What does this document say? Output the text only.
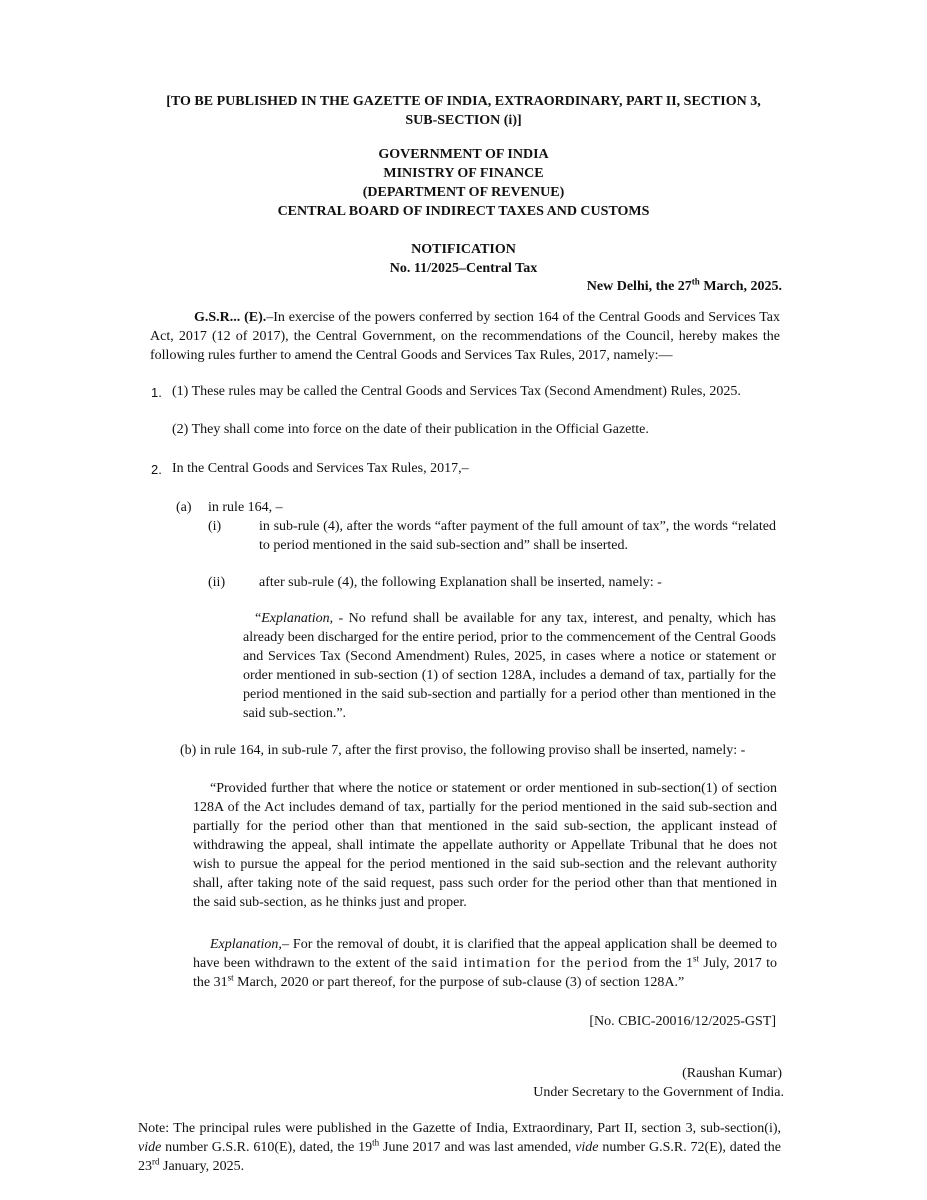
[TO BE PUBLISHED IN THE GAZETTE OF INDIA, EXTRAORDINARY, PART II, SECTION 3,
SUB-SECTION (i)]
GOVERNMENT OF INDIA
MINISTRY OF FINANCE
(DEPARTMENT OF REVENUE)
CENTRAL BOARD OF INDIRECT TAXES AND CUSTOMS
NOTIFICATION
No. 11/2025–Central Tax
New Delhi, the 27th March, 2025.
G.S.R... (E).–In exercise of the powers conferred by section 164 of the Central Goods and Services Tax Act, 2017 (12 of 2017), the Central Government, on the recommendations of the Council, hereby makes the following rules further to amend the Central Goods and Services Tax Rules, 2017, namely:—
1. (1) These rules may be called the Central Goods and Services Tax (Second Amendment) Rules, 2025.
(2) They shall come into force on the date of their publication in the Official Gazette.
2. In the Central Goods and Services Tax Rules, 2017,–
(a) in rule 164, –
(i)	in sub-rule (4), after the words “after payment of the full amount of tax”, the words “related to period mentioned in the said sub-section and” shall be inserted.
(ii) after sub-rule (4), the following Explanation shall be inserted, namely: -
“Explanation, - No refund shall be available for any tax, interest, and penalty, which has already been discharged for the entire period, prior to the commencement of the Central Goods and Services Tax (Second Amendment) Rules, 2025, in cases where a notice or statement or order mentioned in sub-section (1) of section 128A, includes a demand of tax, partially for the period mentioned in the said sub-section and partially for a period other than mentioned in the said sub-section.”.
(b) in rule 164, in sub-rule 7, after the first proviso, the following proviso shall be inserted, namely: -
“Provided further that where the notice or statement or order mentioned in sub-section(1) of section 128A of the Act includes demand of tax, partially for the period mentioned in the said sub-section and partially for the period other than that mentioned in the said sub-section, the applicant instead of withdrawing the appeal, shall intimate the appellate authority or Appellate Tribunal that he does not wish to pursue the appeal for the period mentioned in the said sub-section and the relevant authority shall, after taking note of the said request, pass such order for the period other than that mentioned in the said sub-section, as he thinks just and proper.
Explanation,– For the removal of doubt, it is clarified that the appeal application shall be deemed to have been withdrawn to the extent of the said intimation for the period from the 1st July, 2017 to the 31st March, 2020 or part thereof, for the purpose of sub-clause (3) of section 128A.”
[No. CBIC-20016/12/2025-GST]
(Raushan Kumar)
Under Secretary to the Government of India.
Note: The principal rules were published in the Gazette of India, Extraordinary, Part II, section 3, sub-section(i), vide number G.S.R. 610(E), dated, the 19th June 2017 and was last amended, vide number G.S.R. 72(E), dated the 23rd January, 2025.
